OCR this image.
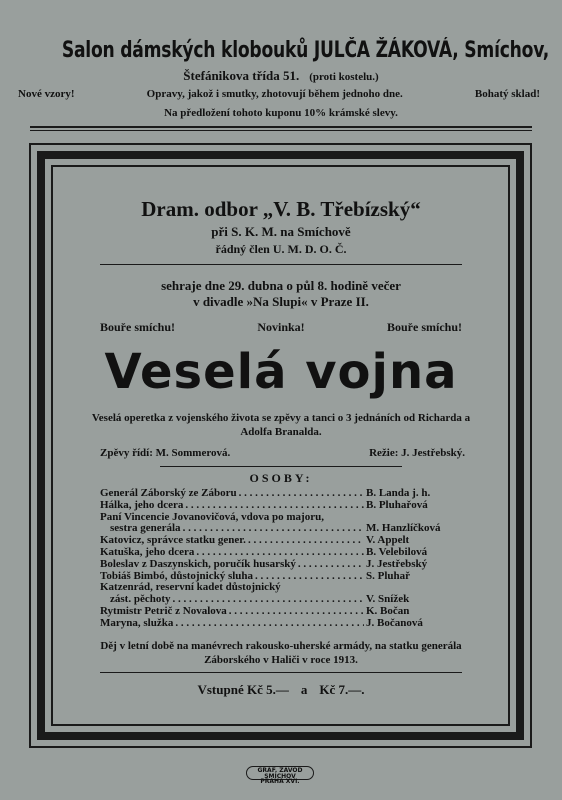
Salon dámských klobouků JULČA ŽÁKOVÁ, Smíchov,
Štefánikova třída 51. (proti kostelu.)
Nové vzory!	Opravy, jakož i smutky, zhotovují během jednoho dne.	Bohatý sklad!
Na předložení tohoto kuponu 10% krámské slevy.
Dram. odbor „V. B. Třebízský“
při S. K. M. na Smíchově
řádný člen U. M. D. O. Č.
sehraje dne 29. dubna o půl 8. hodině večer
v divadle »Na Slupi« v Praze II.
Bouře smíchu!	Novinka!	Bouře smíchu!
Veselá vojna
Veselá operetka z vojenského života se zpěvy a tanci o 3 jednáních od Richarda a Adolfa Branalda.
Zpěvy řídí: M. Sommerová.	Režie: J. Jestřebský.
OSOBY:
Generál Záborský ze Záboru . . .	B. Landa j. h.
Hálka, jeho dcera . . .	B. Pluhařová
Paní Vincencie Jovanovičová, vdova po majoru,
sestra generála . . .	M. Hanzlíčková
Katovicz, správce statku gener. . . .	V. Appelt
Katuška, jeho dcera . . .	B. Velebilová
Boleslav z Daszynskich, poručík husarský . . .	J. Jestřebský
Tobiáš Bimbó, důstojnický sluha . . .	S. Pluhař
Katzenrád, reservní kadet důstojnický
zást. pěchoty . . .	V. Snížek
Rytmistr Petrič z Novalova . . .	K. Bočan
Maryna, služka . . .	J. Bočanová
Děj v letní době na manévrech rakousko-uherské armády, na statku generála Záborského v Haliči v roce 1913.
Vstupné Kč 5.— a Kč 7.—.
GRAF. ZÁVOD
SMÍCHOV
PRAHA XVI.
